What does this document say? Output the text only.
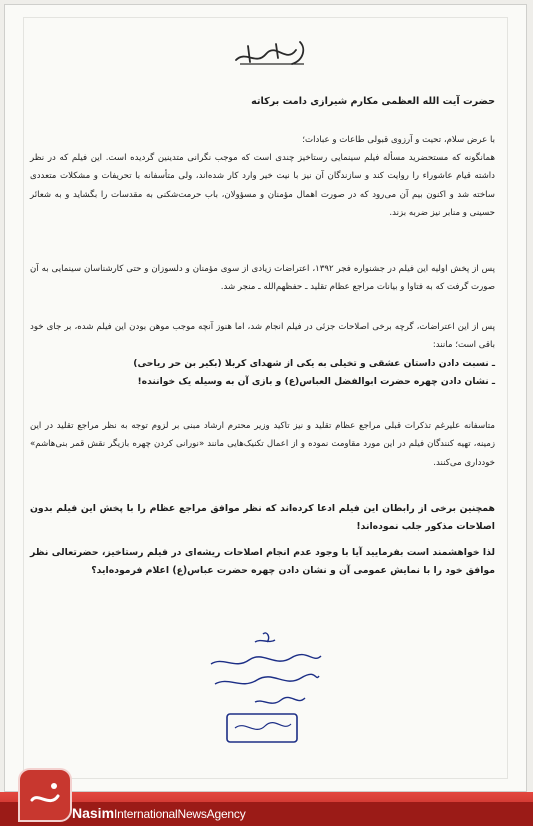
حضرت آیت الله العظمی مکارم شیرازی دامت برکاته

با عرض سلام، تحیت و آرزوی قبولی طاعات و عبادات؛

همانگونه که مستحضرید مسأله فیلم سینمایی رستاخیز چندی است که موجب نگرانی متدینین گردیده است. این فیلم که در نظر داشته قیام عاشوراء را روایت کند و سازندگان آن نیز با نیت خیر وارد کار شده‌اند، ولی متأسفانه با تحریفات و مشکلات متعددی ساخته شد و اکنون بیم آن می‌رود که در صورت اهمال مؤمنان و مسؤولان، باب حرمت‌شکنی به مقدسات را بگشاید و به شعائر حسینی و منابر نیز ضربه بزند.

پس از پخش اولیه این فیلم در جشنواره فجر ۱۳۹۲، اعتراضات زیادی از سوی مؤمنان و دلسوزان و حتی کارشناسان سینمایی به آن صورت گرفت که به فتاوا و بیانات مراجع عظام تقلید ـ حفظهم‌الله ـ منجر شد.

پس از این اعتراضات، گرچه برخی اصلاحات جزئی در فیلم انجام شد، اما هنوز آنچه موجب موهن بودن این فیلم شده، بر جای خود باقی است؛ مانند:

ـ نسبت دادن داستان عشقی و تخیلی به یکی از شهدای کربلا (بکیر بن حر ریاحی)

ـ نشان دادن چهره حضرت ابوالفضل العباس(ع) و بازی آن به وسیله یک خواننده!

متاسفانه علیرغم تذکرات قبلی مراجع عظام تقلید و نیز تاکید وزیر محترم ارشاد مبنی بر لزوم توجه به نظر مراجع تقلید در این زمینه، تهیه کنندگان فیلم در این مورد مقاومت نموده و از اعمال تکنیک‌هایی مانند «نورانی کردن چهره بازیگر نقش قمر بنی‌هاشم» خودداری می‌کنند.

همچنین برخی از رابطان این فیلم ادعا کرده‌اند که نظر موافق مراجع عظام را با پخش این فیلم بدون اصلاحات مذکور جلب نموده‌اند!

لذا خواهشمند است بفرمایید آیا با وجود عدم انجام اصلاحات ریشه‌ای در فیلم رستاخیز، حضرتعالی نظر موافق خود را با نمایش عمومی آن و نشان دادن چهره حضرت عباس(ع) اعلام فرموده‌اید؟

NasimInternationalNewsAgency
